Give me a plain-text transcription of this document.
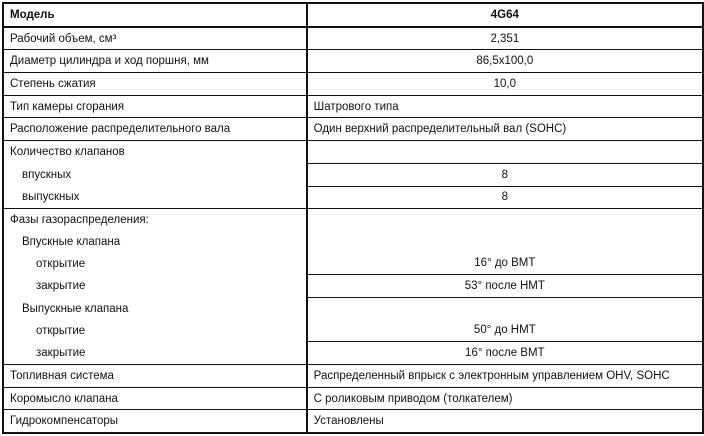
Модель	4G64
Рабочий объем, см³	2,351
Диаметр цилиндра и ход поршня, мм	86,5x100,0
Степень сжатия	10,0
Тип камеры сгорания	Шатрового типа
Расположение распределительного вала	Один верхний распределительный вал (SOHC)
Количество клапанов	
впускных	8
выпускных	8
Фазы газораспределения:	
Впускные клапана	
открытие	16° до ВМТ
закрытие	53° после НМТ
Выпускные клапана	
открытие	50° до НМТ
закрытие	16° после ВМТ
Топливная система	Распределенный впрыск с электронным управлением OHV, SOHC
Коромысло клапана	С роликовым приводом (толкателем)
Гидрокомпенсаторы	Установлены
